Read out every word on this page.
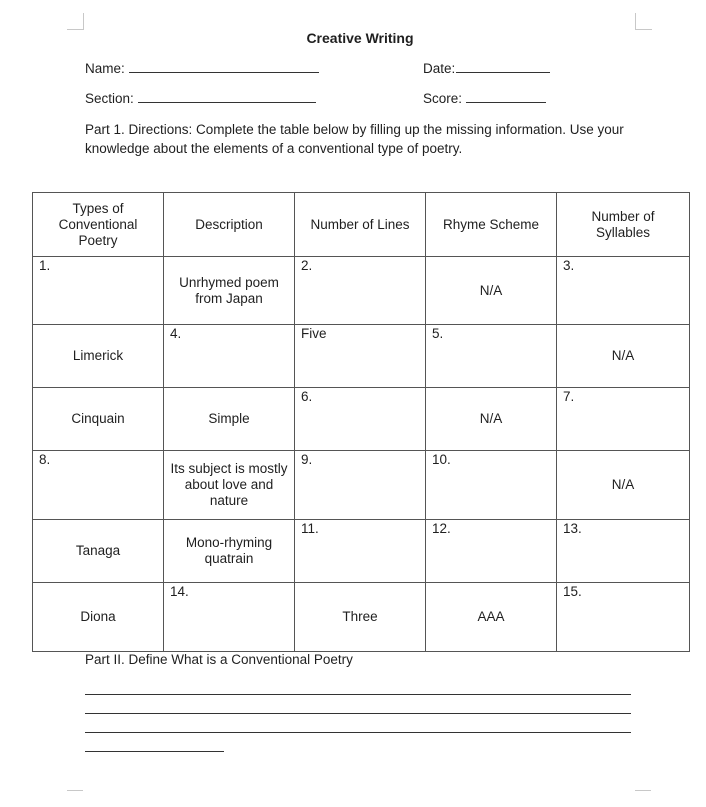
Creative Writing
Name:	Date:
Section:	Score:
Part 1. Directions: Complete the table below by filling up the missing information. Use your knowledge about the elements of a conventional type of poetry.
Types of Conventional Poetry	Description	Number of Lines	Rhyme Scheme	Number of Syllables

1.	Unrhymed poem from Japan	2.	N/A	3.

Limerick	4.	Five	5.	N/A

Cinquain	Simple	6.	N/A	7.

8.	Its subject is mostly about love and nature	9.	10.	N/A

Tanaga	Mono-rhyming quatrain	11.	12.	13.

Diona	14.	Three	AAA	15.
Part II. Define What is a Conventional Poetry
